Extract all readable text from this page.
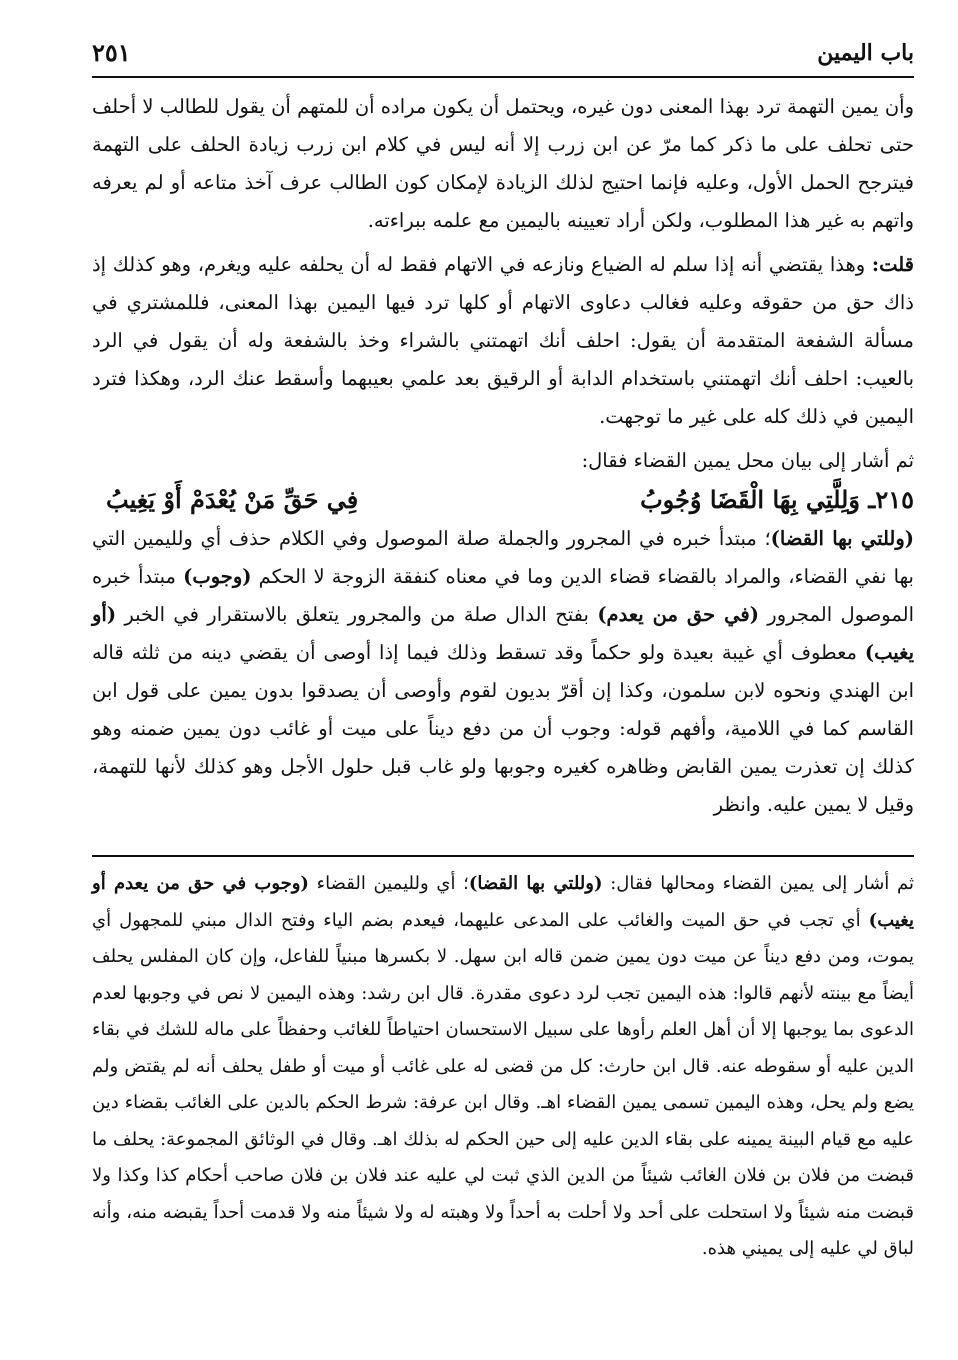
باب اليمين
٢٥١

وأن يمين التهمة ترد بهذا المعنى دون غيره، ويحتمل أن يكون مراده أن للمتهم أن يقول للطالب لا أحلف حتى تحلف على ما ذكر كما مرّ عن ابن زرب إلا أنه ليس في كلام ابن زرب زيادة الحلف على التهمة فيترجح الحمل الأول، وعليه فإنما احتيج لذلك الزيادة لإمكان كون الطالب عرف آخذ متاعه أو لم يعرفه واتهم به غير هذا المطلوب، ولكن أراد تعيينه باليمين مع علمه ببراءته.

قلت: وهذا يقتضي أنه إذا سلم له الضياع ونازعه في الاتهام فقط له أن يحلفه عليه ويغرم، وهو كذلك إذ ذاك حق من حقوقه وعليه فغالب دعاوى الاتهام أو كلها ترد فيها اليمين بهذا المعنى، فللمشتري في مسألة الشفعة المتقدمة أن يقول: احلف أنك اتهمتني بالشراء وخذ بالشفعة وله أن يقول في الرد بالعيب: احلف أنك اتهمتني باستخدام الدابة أو الرقيق بعد علمي بعيبهما وأسقط عنك الرد، وهكذا فترد اليمين في ذلك كله على غير ما توجهت.

ثم أشار إلى بيان محل يمين القضاء فقال:

٢١٥ـ وَلِلَّتِي بِهَا الْقَضَا وُجُوبُ
فِي حَقِّ مَنْ يُعْدَمْ أَوْ يَغِيبُ

(وللتي بها القضا)؛ مبتدأ خبره في المجرور والجملة صلة الموصول وفي الكلام حذف أي ولليمين التي بها نفي القضاء، والمراد بالقضاء قضاء الدين وما في معناه كنفقة الزوجة لا الحكم (وجوب) مبتدأ خبره الموصول المجرور (في حق من يعدم) بفتح الدال صلة من والمجرور يتعلق بالاستقرار في الخبر (أو يغيب) معطوف أي غيبة بعيدة ولو حكماً وقد تسقط وذلك فيما إذا أوصى أن يقضي دينه من ثلثه قاله ابن الهندي ونحوه لابن سلمون، وكذا إن أقرّ بديون لقوم وأوصى أن يصدقوا بدون يمين على قول ابن القاسم كما في اللامية، وأفهم قوله: وجوب أن من دفع ديناً على ميت أو غائب دون يمين ضمنه وهو كذلك إن تعذرت يمين القابض وظاهره كغيره وجوبها ولو غاب قبل حلول الأجل وهو كذلك لأنها للتهمة، وقيل لا يمين عليه. وانظر

ثم أشار إلى يمين القضاء ومحالها فقال: (وللتي بها القضا)؛ أي ولليمين القضاء (وجوب في حق من يعدم أو يغيب) أي تجب في حق الميت والغائب على المدعى عليهما، فيعدم بضم الياء وفتح الدال مبني للمجهول أي يموت، ومن دفع ديناً عن ميت دون يمين ضمن قاله ابن سهل. لا بكسرها مبنياً للفاعل، وإن كان المفلس يحلف أيضاً مع بينته لأنهم قالوا: هذه اليمين تجب لرد دعوى مقدرة. قال ابن رشد: وهذه اليمين لا نص في وجوبها لعدم الدعوى بما يوجبها إلا أن أهل العلم رأوها على سبيل الاستحسان احتياطاً للغائب وحفظاً على ماله للشك في بقاء الدين عليه أو سقوطه عنه. قال ابن حارث: كل من قضى له على غائب أو ميت أو طفل يحلف أنه لم يقتض ولم يضع ولم يحل، وهذه اليمين تسمى يمين القضاء اهـ. وقال ابن عرفة: شرط الحكم بالدين على الغائب بقضاء دين عليه مع قيام البينة يمينه على بقاء الدين عليه إلى حين الحكم له بذلك اهـ. وقال في الوثائق المجموعة: يحلف ما قبضت من فلان بن فلان الغائب شيئاً من الدين الذي ثبت لي عليه عند فلان بن فلان صاحب أحكام كذا وكذا ولا قبضت منه شيئاً ولا استحلت على أحد ولا أحلت به أحداً ولا وهبته له ولا شيئاً منه ولا قدمت أحداً يقبضه منه، وأنه لباق لي عليه إلى يميني هذه.
